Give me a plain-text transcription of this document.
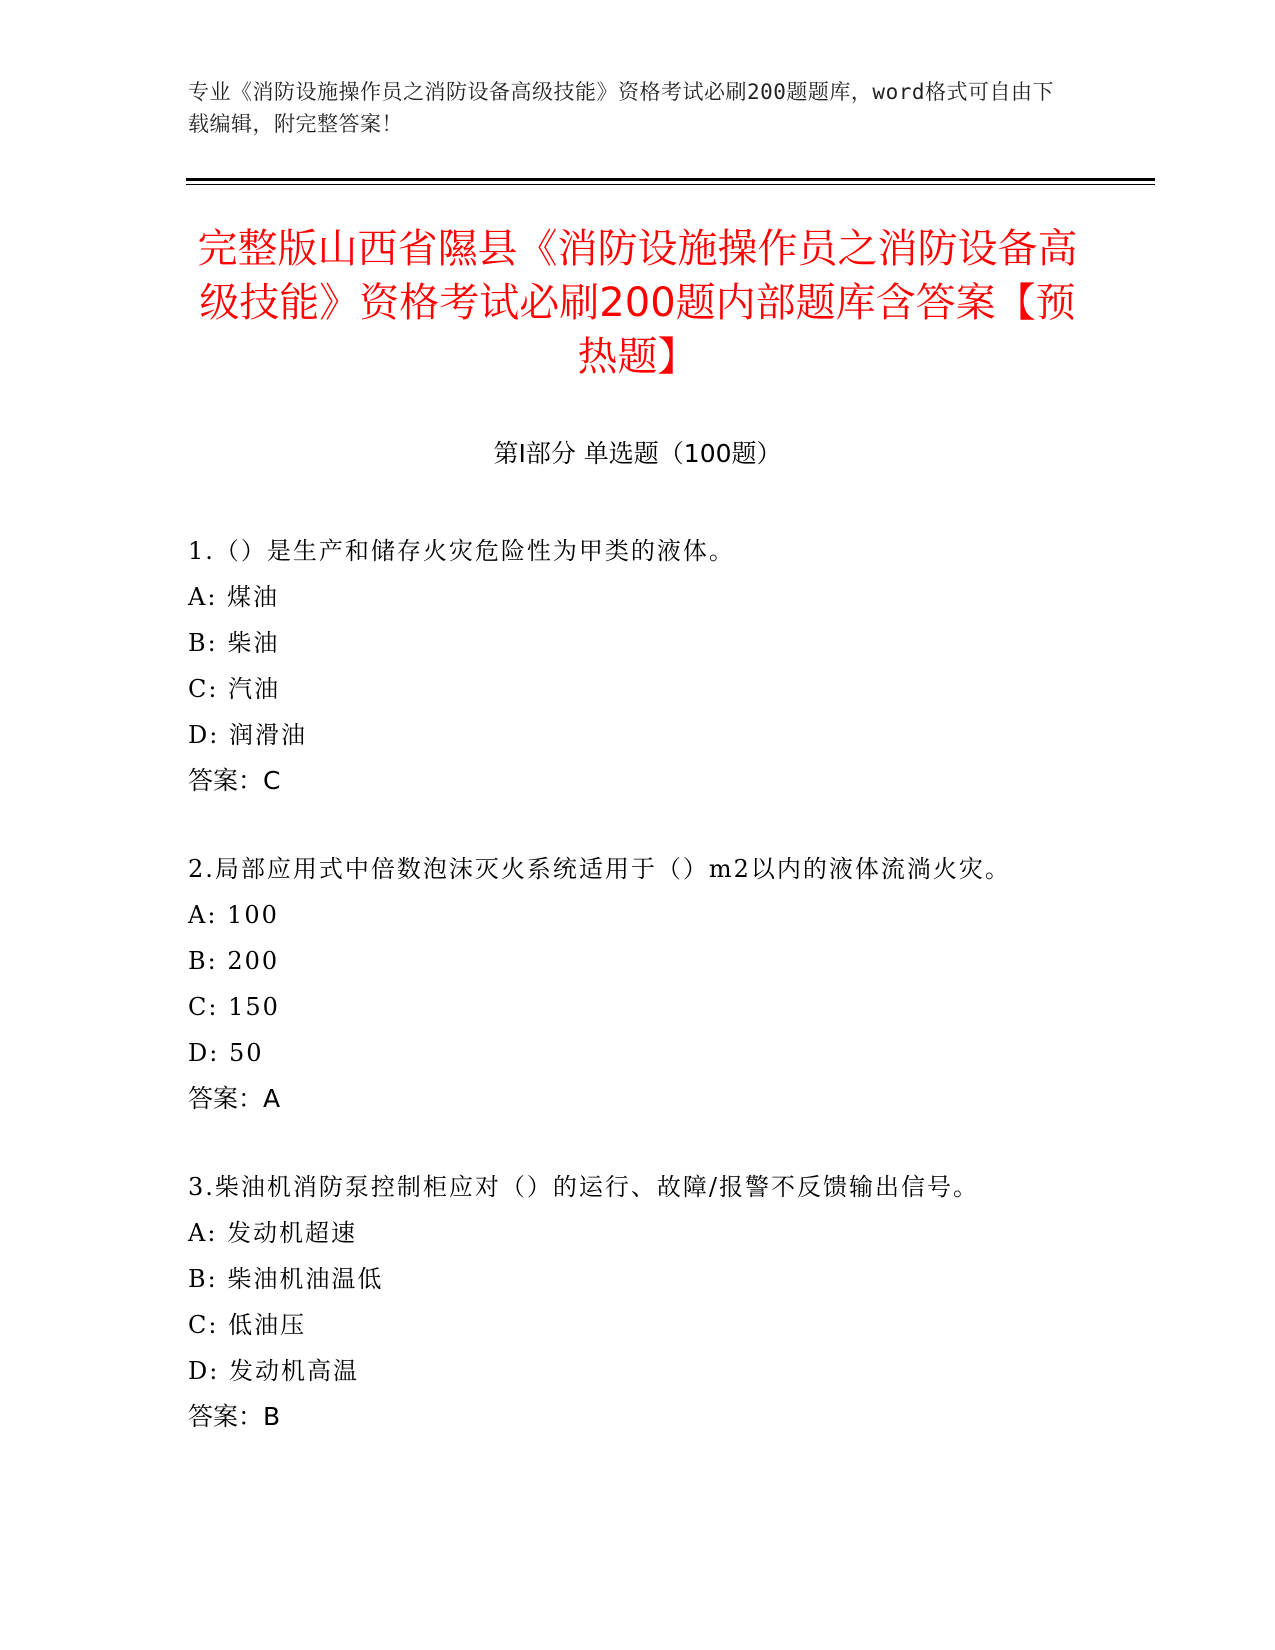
专业《消防设施操作员之消防设备高级技能》资格考试必刷200题题库，word格式可自由下载编辑，附完整答案！
完整版山西省隰县《消防设施操作员之消防设备高级技能》资格考试必刷200题内部题库含答案【预热题】
第I部分 单选题（100题）

1.（）是生产和储存火灾危险性为甲类的液体。

A: 煤油

B: 柴油

C: 汽油

D: 润滑油

答案：C

2.局部应用式中倍数泡沫灭火系统适用于（）m2以内的液体流淌火灾。

A: 100

B: 200

C: 150

D: 50

答案：A

3.柴油机消防泵控制柜应对（）的运行、故障/报警不反馈输出信号。

A: 发动机超速

B: 柴油机油温低

C: 低油压

D: 发动机高温

答案：B
